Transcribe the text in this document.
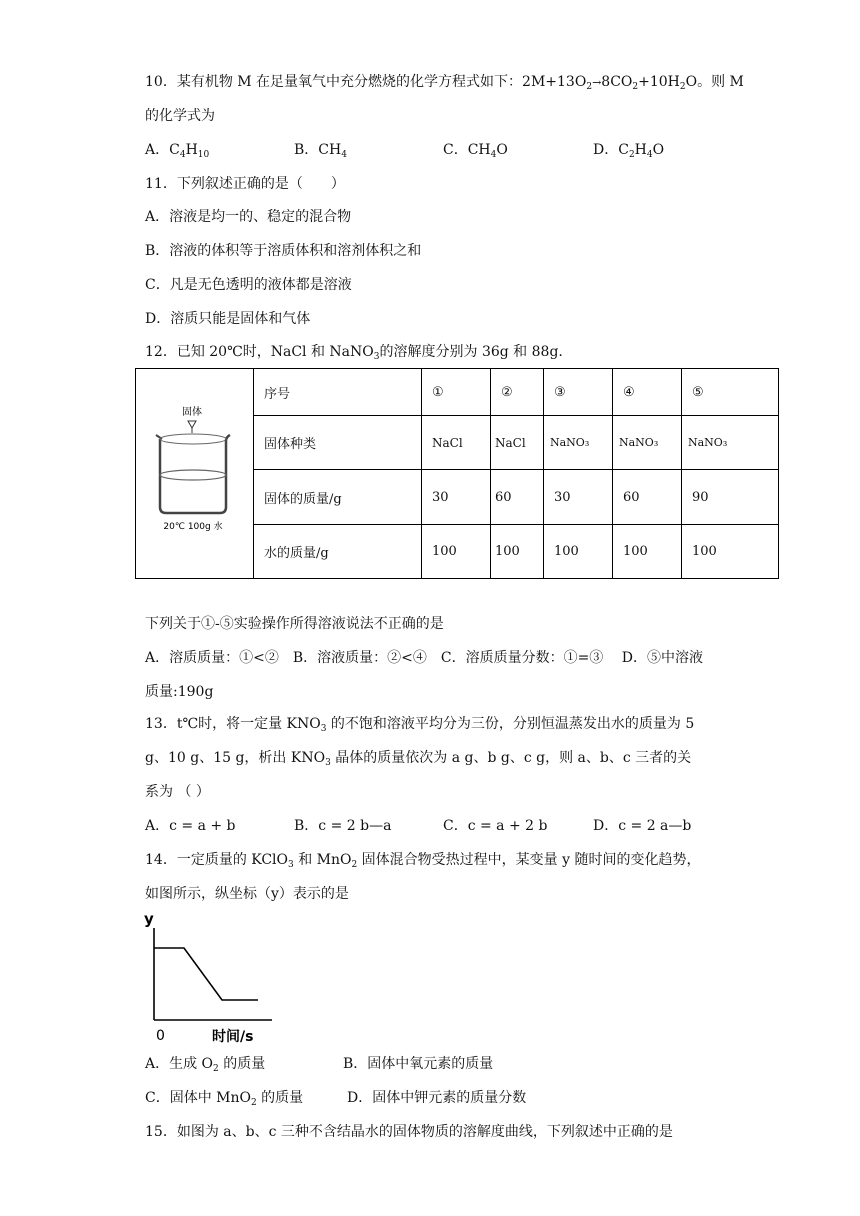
10．某有机物 M 在足量氧气中充分燃烧的化学方程式如下：$2M+13O_2\to 8CO_2+10H_2O$。则 M
的化学式为
A．$C_4H_{10}$	B．$CH_4$	C．$CH_4O$	D．$C_2H_4O$
11．下列叙述正确的是（　　）
A．溶液是均一的、稳定的混合物
B．溶液的体积等于溶质体积和溶剂体积之和
C．凡是无色透明的液体都是溶液
D．溶质只能是固体和气体
12．已知 20℃时，NaCl 和 NaNO$_3$的溶解度分别为 36g 和 88g.
固体
20℃ 100g 水	序号	①	②	③	④	⑤
	固体种类	NaCl	NaCl	NaNO₃	NaNO₃	NaNO₃
	固体的质量/g	30	60	30	60	90
	水的质量/g	100	100	100	100	100
下列关于①-⑤实验操作所得溶液说法不正确的是
A．溶质质量：①<②　B．溶液质量：②<④　C．溶质质量分数：①=③　 D．⑤中溶液
质量:190g
13．t℃时，将一定量 $KNO_3$ 的不饱和溶液平均分为三份，分别恒温蒸发出水的质量为 5
g、10 g、15 g，析出 $KNO_3$ 晶体的质量依次为 a g、b g、c g，则 a、b、c 三者的关
系为 （ ）
A．c = a + b	B．c = 2 b—a	C．c = a + 2 b	D．c = 2 a—b
14．一定质量的 KClO$_3$ 和 MnO$_2$ 固体混合物受热过程中，某变量 y 随时间的变化趋势，
如图所示，纵坐标（y）表示的是
y
0	时间/s
A．生成 $O_2$ 的质量	B．固体中氧元素的质量
C．固体中 MnO$_2$ 的质量	D．固体中钾元素的质量分数
15．如图为 a、b、c 三种不含结晶水的固体物质的溶解度曲线，下列叙述中正确的是
